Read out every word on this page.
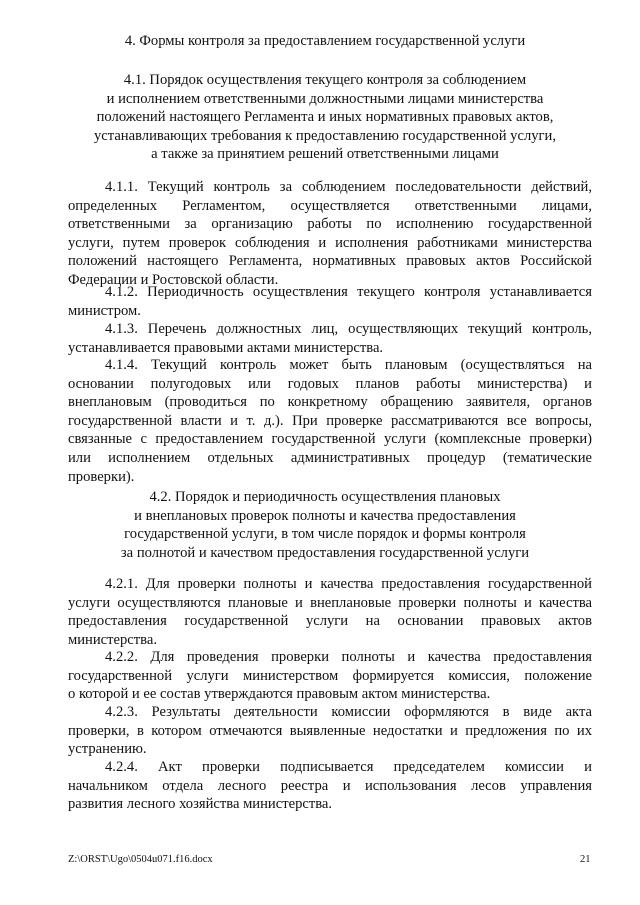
4. Формы контроля за предоставлением государственной услуги
4.1. Порядок осуществления текущего контроля за соблюдением
и исполнением ответственными должностными лицами министерства
положений настоящего Регламента и иных нормативных правовых актов,
устанавливающих требования к предоставлению государственной услуги,
а также за принятием решений ответственными лицами
4.1.1. Текущий контроль за соблюдением последовательности действий,
определенных Регламентом, осуществляется ответственными лицами,
ответственными за организацию работы по исполнению государственной
услуги, путем проверок соблюдения и исполнения работниками министерства
положений настоящего Регламента, нормативных правовых актов Российской
Федерации и Ростовской области.
4.1.2. Периодичность осуществления текущего контроля устанавливается
министром.
4.1.3. Перечень должностных лиц, осуществляющих текущий контроль,
устанавливается правовыми актами министерства.
4.1.4. Текущий контроль может быть плановым (осуществляться на
основании полугодовых или годовых планов работы министерства) и
внеплановым (проводиться по конкретному обращению заявителя, органов
государственной власти и т. д.). При проверке рассматриваются все вопросы,
связанные с предоставлением государственной услуги (комплексные проверки)
или исполнением отдельных административных процедур (тематические
проверки).
4.2. Порядок и периодичность осуществления плановых
и внеплановых проверок полноты и качества предоставления
государственной услуги, в том числе порядок и формы контроля
за полнотой и качеством предоставления государственной услуги
4.2.1. Для проверки полноты и качества предоставления государственной
услуги осуществляются плановые и внеплановые проверки полноты и качества
предоставления государственной услуги на основании правовых актов
министерства.
4.2.2. Для проведения проверки полноты и качества предоставления
государственной услуги министерством формируется комиссия, положение
о которой и ее состав утверждаются правовым актом министерства.
4.2.3. Результаты деятельности комиссии оформляются в виде акта
проверки, в котором отмечаются выявленные недостатки и предложения по их
устранению.
4.2.4. Акт проверки подписывается председателем комиссии и
начальником отдела лесного реестра и использования лесов управления
развития лесного хозяйства министерства.
Z:\ORST\Ugo\0504u071.f16.docx	21
